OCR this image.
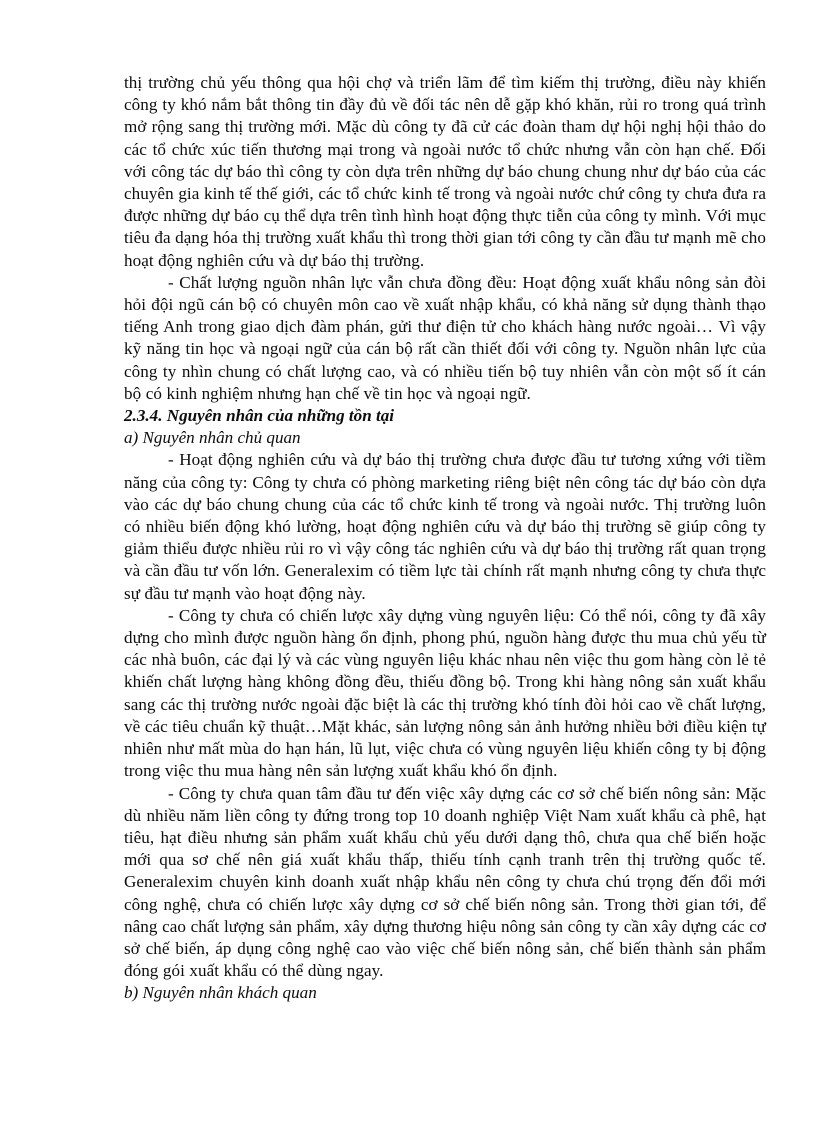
thị trường chủ yếu thông qua hội chợ và triển lãm để tìm kiếm thị trường, điều này khiến công ty khó nắm bắt thông tin đầy đủ về đối tác nên dễ gặp khó khăn, rủi ro trong quá trình mở rộng sang thị trường mới. Mặc dù công ty đã cử các đoàn tham dự hội nghị hội thảo do các tổ chức xúc tiến thương mại trong và ngoài nước tổ chức nhưng vẫn còn hạn chế. Đối với công tác dự báo thì công ty còn dựa trên những dự báo chung chung như dự báo của các chuyên gia kinh tế thế giới, các tổ chức kinh tế trong và ngoài nước chứ công ty chưa đưa ra được những dự báo cụ thể dựa trên tình hình hoạt động thực tiễn của công ty mình. Với mục tiêu đa dạng hóa thị trường xuất khẩu thì trong thời gian tới công ty cần đầu tư mạnh mẽ cho hoạt động nghiên cứu và dự báo thị trường.

- Chất lượng nguồn nhân lực vẫn chưa đồng đều: Hoạt động xuất khẩu nông sản đòi hỏi đội ngũ cán bộ có chuyên môn cao về xuất nhập khẩu, có khả năng sử dụng thành thạo tiếng Anh trong giao dịch đàm phán, gửi thư điện tử cho khách hàng nước ngoài… Vì vậy kỹ năng tin học và ngoại ngữ của cán bộ rất cần thiết đối với công ty. Nguồn nhân lực của công ty nhìn chung có chất lượng cao, và có nhiều tiến bộ tuy nhiên vẫn còn một số ít cán bộ có kinh nghiệm nhưng hạn chế về tin học và ngoại ngữ.

2.3.4. Nguyên nhân của những tồn tại
a) Nguyên nhân chủ quan

- Hoạt động nghiên cứu và dự báo thị trường chưa được đầu tư tương xứng với tiềm năng của công ty: Công ty chưa có phòng marketing riêng biệt nên công tác dự báo còn dựa vào các dự báo chung chung của các tổ chức kinh tế trong và ngoài nước. Thị trường luôn có nhiều biến động khó lường, hoạt động nghiên cứu và dự báo thị trường sẽ giúp công ty giảm thiểu được nhiều rủi ro vì vậy công tác nghiên cứu và dự báo thị trường rất quan trọng và cần đầu tư vốn lớn. Generalexim có tiềm lực tài chính rất mạnh nhưng công ty chưa thực sự đầu tư mạnh vào hoạt động này.

- Công ty chưa có chiến lược xây dựng vùng nguyên liệu: Có thể nói, công ty đã xây dựng cho mình được nguồn hàng ổn định, phong phú, nguồn hàng được thu mua chủ yếu từ các nhà buôn, các đại lý và các vùng nguyên liệu khác nhau nên việc thu gom hàng còn lẻ tẻ khiến chất lượng hàng không đồng đều, thiếu đồng bộ. Trong khi hàng nông sản xuất khẩu sang các thị trường nước ngoài đặc biệt là các thị trường khó tính đòi hỏi cao về chất lượng, về các tiêu chuẩn kỹ thuật…Mặt khác, sản lượng nông sản ảnh hưởng nhiều bởi điều kiện tự nhiên như mất mùa do hạn hán, lũ lụt, việc chưa có vùng nguyên liệu khiến công ty bị động trong việc thu mua hàng nên sản lượng xuất khẩu khó ổn định.

- Công ty chưa quan tâm đầu tư đến việc xây dựng các cơ sở chế biến nông sản: Mặc dù nhiều năm liền công ty đứng trong top 10 doanh nghiệp Việt Nam xuất khẩu cà phê, hạt tiêu, hạt điều nhưng sản phẩm xuất khẩu chủ yếu dưới dạng thô, chưa qua chế biến hoặc mới qua sơ chế nên giá xuất khẩu thấp, thiếu tính cạnh tranh trên thị trường quốc tế. Generalexim chuyên kinh doanh xuất nhập khẩu nên công ty chưa chú trọng đến đổi mới công nghệ, chưa có chiến lược xây dựng cơ sở chế biến nông sản. Trong thời gian tới, để nâng cao chất lượng sản phẩm, xây dựng thương hiệu nông sản công ty cần xây dựng các cơ sở chế biến, áp dụng công nghệ cao vào việc chế biến nông sản, chế biến thành sản phẩm đóng gói xuất khẩu có thể dùng ngay.

b) Nguyên nhân khách quan
